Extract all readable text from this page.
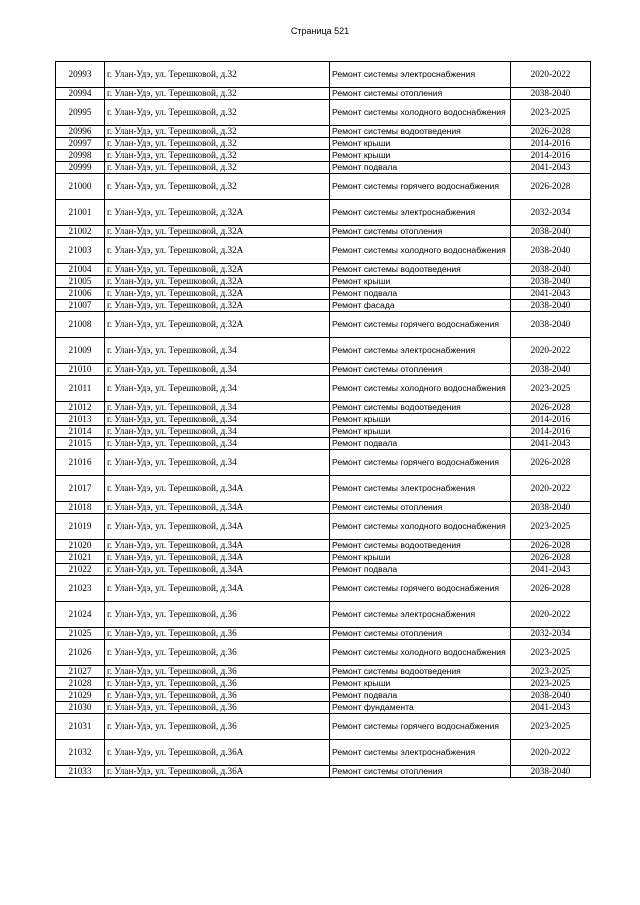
Страница 521
20993	г. Улан-Удэ, ул. Терешковой, д.32	Ремонт системы электроснабжения	2020-2022
20994	г. Улан-Удэ, ул. Терешковой, д.32	Ремонт системы отопления	2038-2040
20995	г. Улан-Удэ, ул. Терешковой, д.32	Ремонт системы холодного водоснабжения	2023-2025
20996	г. Улан-Удэ, ул. Терешковой, д.32	Ремонт системы водоотведения	2026-2028
20997	г. Улан-Удэ, ул. Терешковой, д.32	Ремонт крыши	2014-2016
20998	г. Улан-Удэ, ул. Терешковой, д.32	Ремонт крыши	2014-2016
20999	г. Улан-Удэ, ул. Терешковой, д.32	Ремонт подвала	2041-2043
21000	г. Улан-Удэ, ул. Терешковой, д.32	Ремонт системы горячего водоснабжения	2026-2028
21001	г. Улан-Удэ, ул. Терешковой, д.32А	Ремонт системы электроснабжения	2032-2034
21002	г. Улан-Удэ, ул. Терешковой, д.32А	Ремонт системы отопления	2038-2040
21003	г. Улан-Удэ, ул. Терешковой, д.32А	Ремонт системы холодного водоснабжения	2038-2040
21004	г. Улан-Удэ, ул. Терешковой, д.32А	Ремонт системы водоотведения	2038-2040
21005	г. Улан-Удэ, ул. Терешковой, д.32А	Ремонт крыши	2038-2040
21006	г. Улан-Удэ, ул. Терешковой, д.32А	Ремонт подвала	2041-2043
21007	г. Улан-Удэ, ул. Терешковой, д.32А	Ремонт фасада	2038-2040
21008	г. Улан-Удэ, ул. Терешковой, д.32А	Ремонт системы горячего водоснабжения	2038-2040
21009	г. Улан-Удэ, ул. Терешковой, д.34	Ремонт системы электроснабжения	2020-2022
21010	г. Улан-Удэ, ул. Терешковой, д.34	Ремонт системы отопления	2038-2040
21011	г. Улан-Удэ, ул. Терешковой, д.34	Ремонт системы холодного водоснабжения	2023-2025
21012	г. Улан-Удэ, ул. Терешковой, д.34	Ремонт системы водоотведения	2026-2028
21013	г. Улан-Удэ, ул. Терешковой, д.34	Ремонт крыши	2014-2016
21014	г. Улан-Удэ, ул. Терешковой, д.34	Ремонт крыши	2014-2016
21015	г. Улан-Удэ, ул. Терешковой, д.34	Ремонт подвала	2041-2043
21016	г. Улан-Удэ, ул. Терешковой, д.34	Ремонт системы горячего водоснабжения	2026-2028
21017	г. Улан-Удэ, ул. Терешковой, д.34А	Ремонт системы электроснабжения	2020-2022
21018	г. Улан-Удэ, ул. Терешковой, д.34А	Ремонт системы отопления	2038-2040
21019	г. Улан-Удэ, ул. Терешковой, д.34А	Ремонт системы холодного водоснабжения	2023-2025
21020	г. Улан-Удэ, ул. Терешковой, д.34А	Ремонт системы водоотведения	2026-2028
21021	г. Улан-Удэ, ул. Терешковой, д.34А	Ремонт крыши	2026-2028
21022	г. Улан-Удэ, ул. Терешковой, д.34А	Ремонт подвала	2041-2043
21023	г. Улан-Удэ, ул. Терешковой, д.34А	Ремонт системы горячего водоснабжения	2026-2028
21024	г. Улан-Удэ, ул. Терешковой, д.36	Ремонт системы электроснабжения	2020-2022
21025	г. Улан-Удэ, ул. Терешковой, д.36	Ремонт системы отопления	2032-2034
21026	г. Улан-Удэ, ул. Терешковой, д.36	Ремонт системы холодного водоснабжения	2023-2025
21027	г. Улан-Удэ, ул. Терешковой, д.36	Ремонт системы водоотведения	2023-2025
21028	г. Улан-Удэ, ул. Терешковой, д.36	Ремонт крыши	2023-2025
21029	г. Улан-Удэ, ул. Терешковой, д.36	Ремонт подвала	2038-2040
21030	г. Улан-Удэ, ул. Терешковой, д.36	Ремонт фундамента	2041-2043
21031	г. Улан-Удэ, ул. Терешковой, д.36	Ремонт системы горячего водоснабжения	2023-2025
21032	г. Улан-Удэ, ул. Терешковой, д.36А	Ремонт системы электроснабжения	2020-2022
21033	г. Улан-Удэ, ул. Терешковой, д.36А	Ремонт системы отопления	2038-2040
